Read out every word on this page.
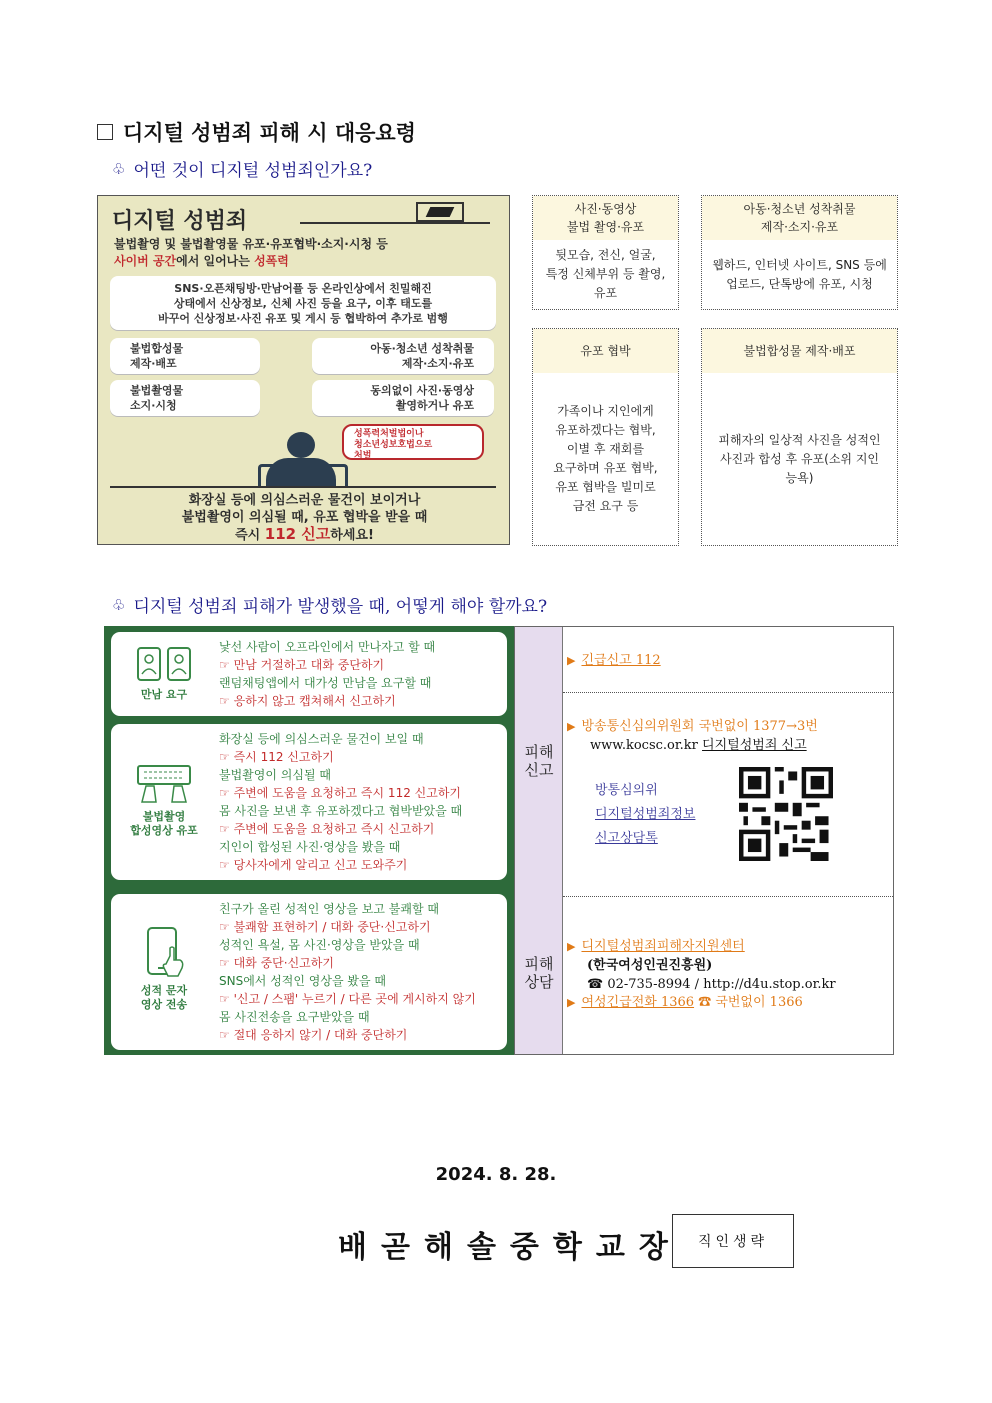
디지털 성범죄 피해 시 대응요령
♧ 어떤 것이 디지털 성범죄인가요?
디지털 성범죄
불법촬영 및 불법촬영물 유포·유포협박·소지·시청 등
사이버 공간에서 일어나는 성폭력
SNS·오픈채팅방·만남어플 등 온라인상에서 친밀해진
상태에서 신상정보, 신체 사진 등을 요구, 이후 태도를
바꾸어 신상정보·사진 유포 및 게시 등 협박하여 추가로 범행
불법합성물
제작·배포
불법촬영물
소지·시청
아동·청소년 성착취물
제작·소지·유포
동의없이 사진·동영상
촬영하거나 유포
성폭력처벌법이나
청소년성보호법으로
처벌
화장실 등에 의심스러운 물건이 보이거나
불법촬영이 의심될 때, 유포 협박을 받을 때
즉시 112 신고하세요!
사진·동영상
불법 촬영·유포
뒷모습, 전신, 얼굴,
특정 신체부위 등 촬영,
유포
아동·청소년 성착취물
제작·소지·유포
웹하드, 인터넷 사이트, SNS 등에
업로드, 단톡방에 유포, 시청
유포 협박
가족이나 지인에게
유포하겠다는 협박,
이별 후 재회를
요구하며 유포 협박,
유포 협박을 빌미로
금전 요구 등
불법합성물 제작·배포
피해자의 일상적 사진을 성적인
사진과 합성 후 유포(소위 지인
능욕)
♧ 디지털 성범죄 피해가 발생했을 때, 어떻게 해야 할까요?
만남 요구
낯선 사람이 오프라인에서 만나자고 할 때
☞ 만남 거절하고 대화 중단하기
랜덤채팅앱에서 대가성 만남을 요구할 때
☞ 응하지 않고 캡쳐해서 신고하기
불법촬영
합성영상 유포
화장실 등에 의심스러운 물건이 보일 때
☞ 즉시 112 신고하기
불법촬영이 의심될 때
☞ 주변에 도움을 요청하고 즉시 112 신고하기
몸 사진을 보낸 후 유포하겠다고 협박받았을 때
☞ 주변에 도움을 요청하고 즉시 신고하기
지인이 합성된 사진·영상을 봤을 때
☞ 당사자에게 알리고 신고 도와주기
성적 문자
영상 전송
친구가 올린 성적인 영상을 보고 불쾌할 때
☞ 불쾌함 표현하기 / 대화 중단·신고하기
성적인 욕설, 몸 사진·영상을 받았을 때
☞ 대화 중단·신고하기
SNS에서 성적인 영상을 봤을 때
☞ '신고 / 스팸' 누르기 / 다른 곳에 게시하지 않기
몸 사진전송을 요구받았을 때
☞ 절대 응하지 않기 / 대화 중단하기
피해
신고
피해
상담
▶ 긴급신고 112
▶ 방송통신심의위원회 국번없이 1377→3번
www.kocsc.or.kr 디지털성범죄 신고
방통심의위
디지털성범죄정보
신고상담톡
▶ 디지털성범죄피해자지원센터
(한국여성인권진흥원)
☎ 02-735-8994 / http://d4u.stop.or.kr
▶ 여성긴급전화 1366 ☎ 국번없이 1366
2024. 8. 28.
배곧해솔중학교장	직인생략
